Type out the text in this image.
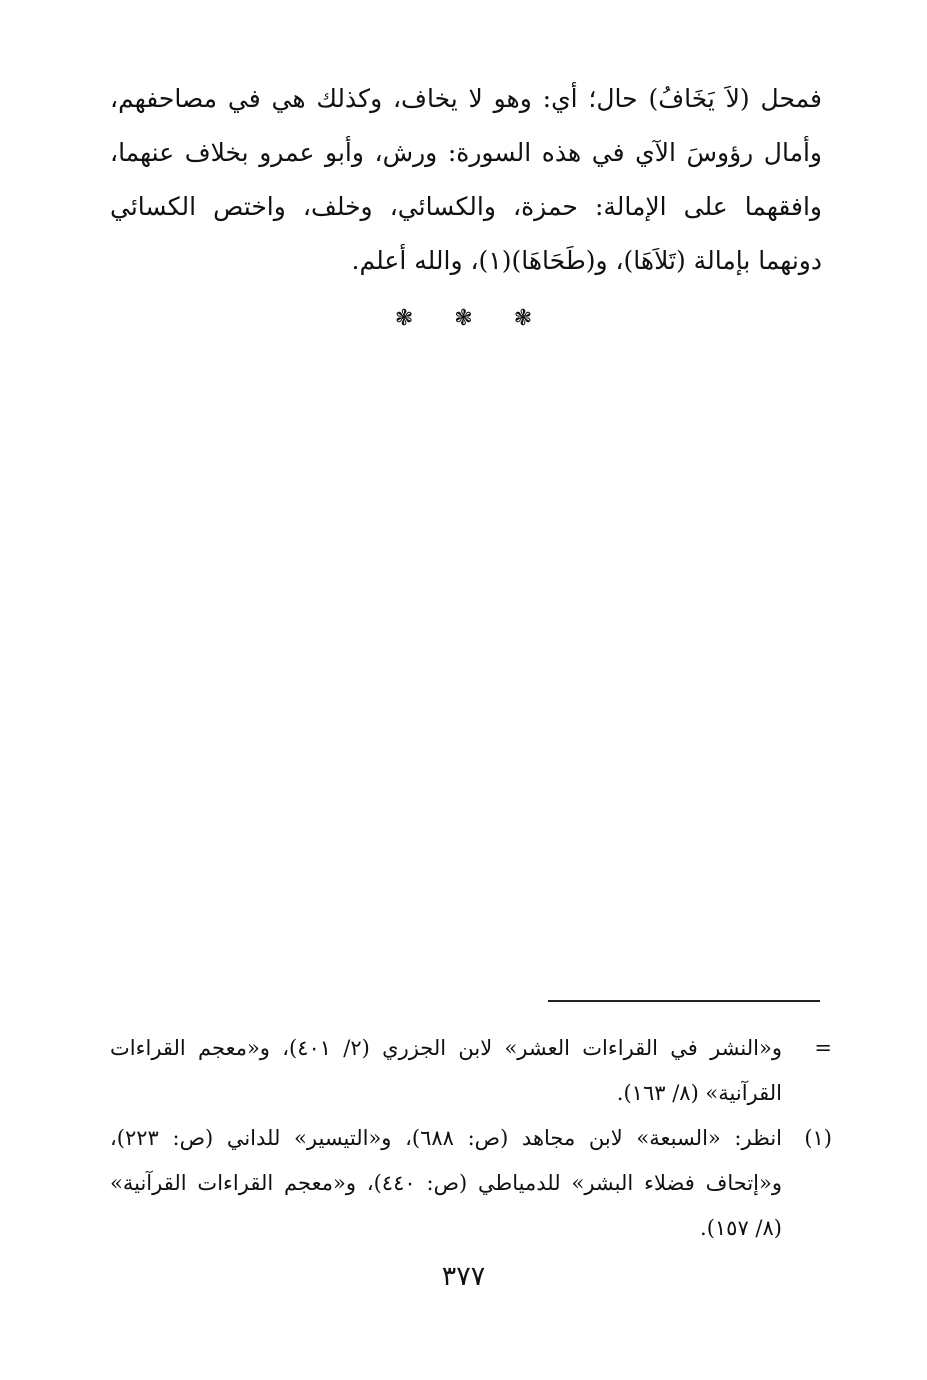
فمحل (لاَ يَخَافُ) حال؛ أي: وهو لا يخاف، وكذلك هي في مصاحفهم،
وأمال رؤوسَ الآي في هذه السورة: ورش، وأبو عمرو بخلاف عنهما،
وافقهما على الإمالة: حمزة، والكسائي، وخلف، واختص الكسائي
دونهما بإمالة (تَلاَهَا)، و(طَحَاهَا)(١)، والله أعلم.
❃ ❃ ❃
=
و«النشر في القراءات العشر» لابن الجزري (٢/ ٤٠١)، و«معجم القراءات
القرآنية» (٨/ ١٦٣).
(١)
انظر: «السبعة» لابن مجاهد (ص: ٦٨٨)، و«التيسير» للداني (ص: ٢٢٣)،
و«إتحاف فضلاء البشر» للدمياطي (ص: ٤٤٠)، و«معجم القراءات القرآنية»
(٨/ ١٥٧).
٣٧٧
